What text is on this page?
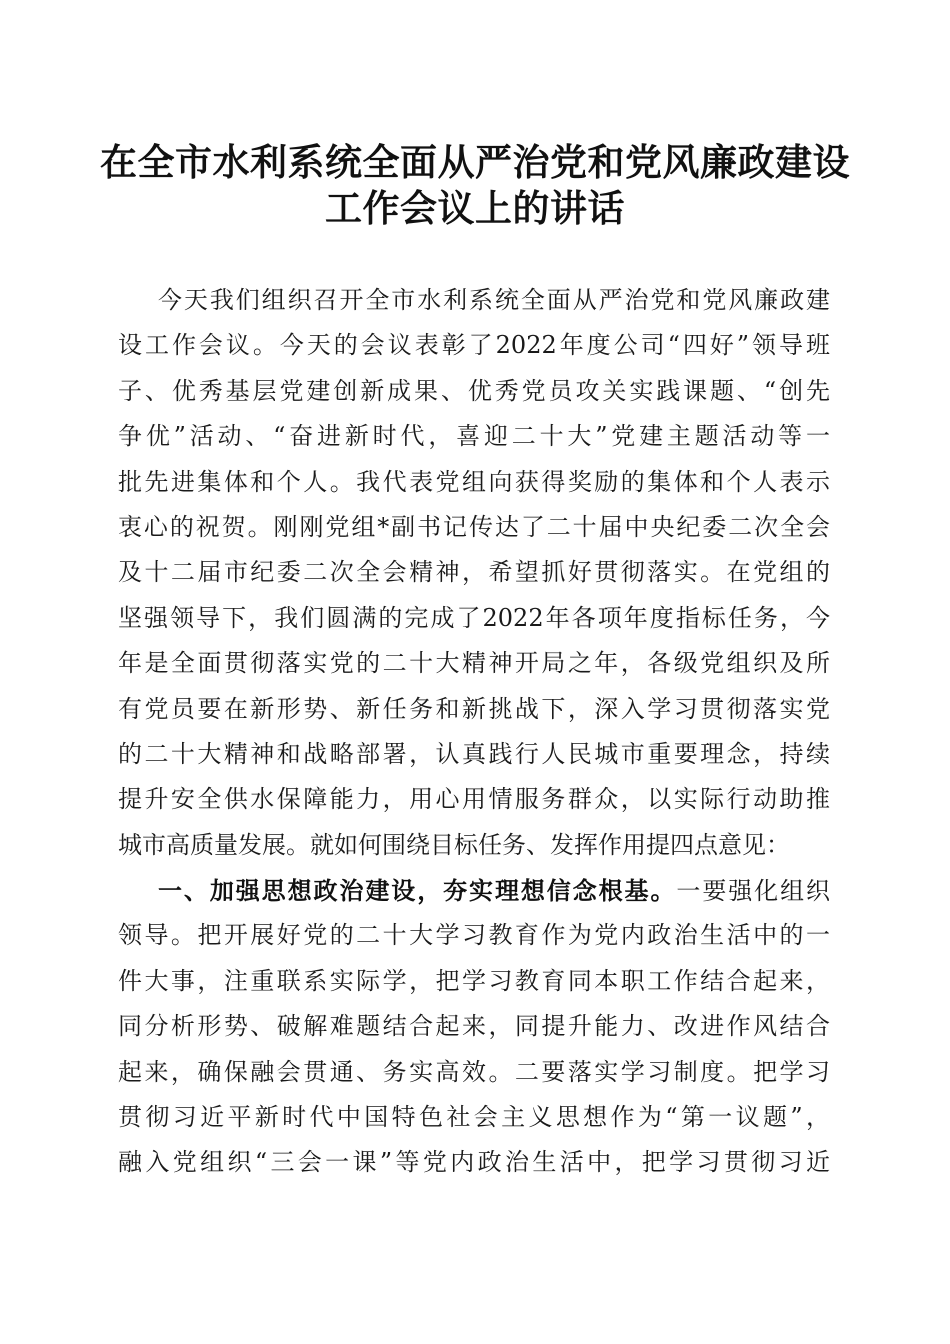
在全市水利系统全面从严治党和党风廉政建设
工作会议上的讲话
今天我们组织召开全市水利系统全面从严治党和党风廉政建
设工作会议。今天的会议表彰了2022年度公司“四好”领导班
子、优秀基层党建创新成果、优秀党员攻关实践课题、“创先
争优”活动、“奋进新时代，喜迎二十大”党建主题活动等一
批先进集体和个人。我代表党组向获得奖励的集体和个人表示
衷心的祝贺。刚刚党组*副书记传达了二十届中央纪委二次全会
及十二届市纪委二次全会精神，希望抓好贯彻落实。在党组的
坚强领导下，我们圆满的完成了2022年各项年度指标任务，今
年是全面贯彻落实党的二十大精神开局之年，各级党组织及所
有党员要在新形势、新任务和新挑战下，深入学习贯彻落实党
的二十大精神和战略部署，认真践行人民城市重要理念，持续
提升安全供水保障能力，用心用情服务群众，以实际行动助推
城市高质量发展。就如何围绕目标任务、发挥作用提四点意见：
一、加强思想政治建设，夯实理想信念根基。一要强化组织
领导。把开展好党的二十大学习教育作为党内政治生活中的一
件大事，注重联系实际学，把学习教育同本职工作结合起来，
同分析形势、破解难题结合起来，同提升能力、改进作风结合
起来，确保融会贯通、务实高效。二要落实学习制度。把学习
贯彻习近平新时代中国特色社会主义思想作为“第一议题”，
融入党组织“三会一课”等党内政治生活中，把学习贯彻习近
